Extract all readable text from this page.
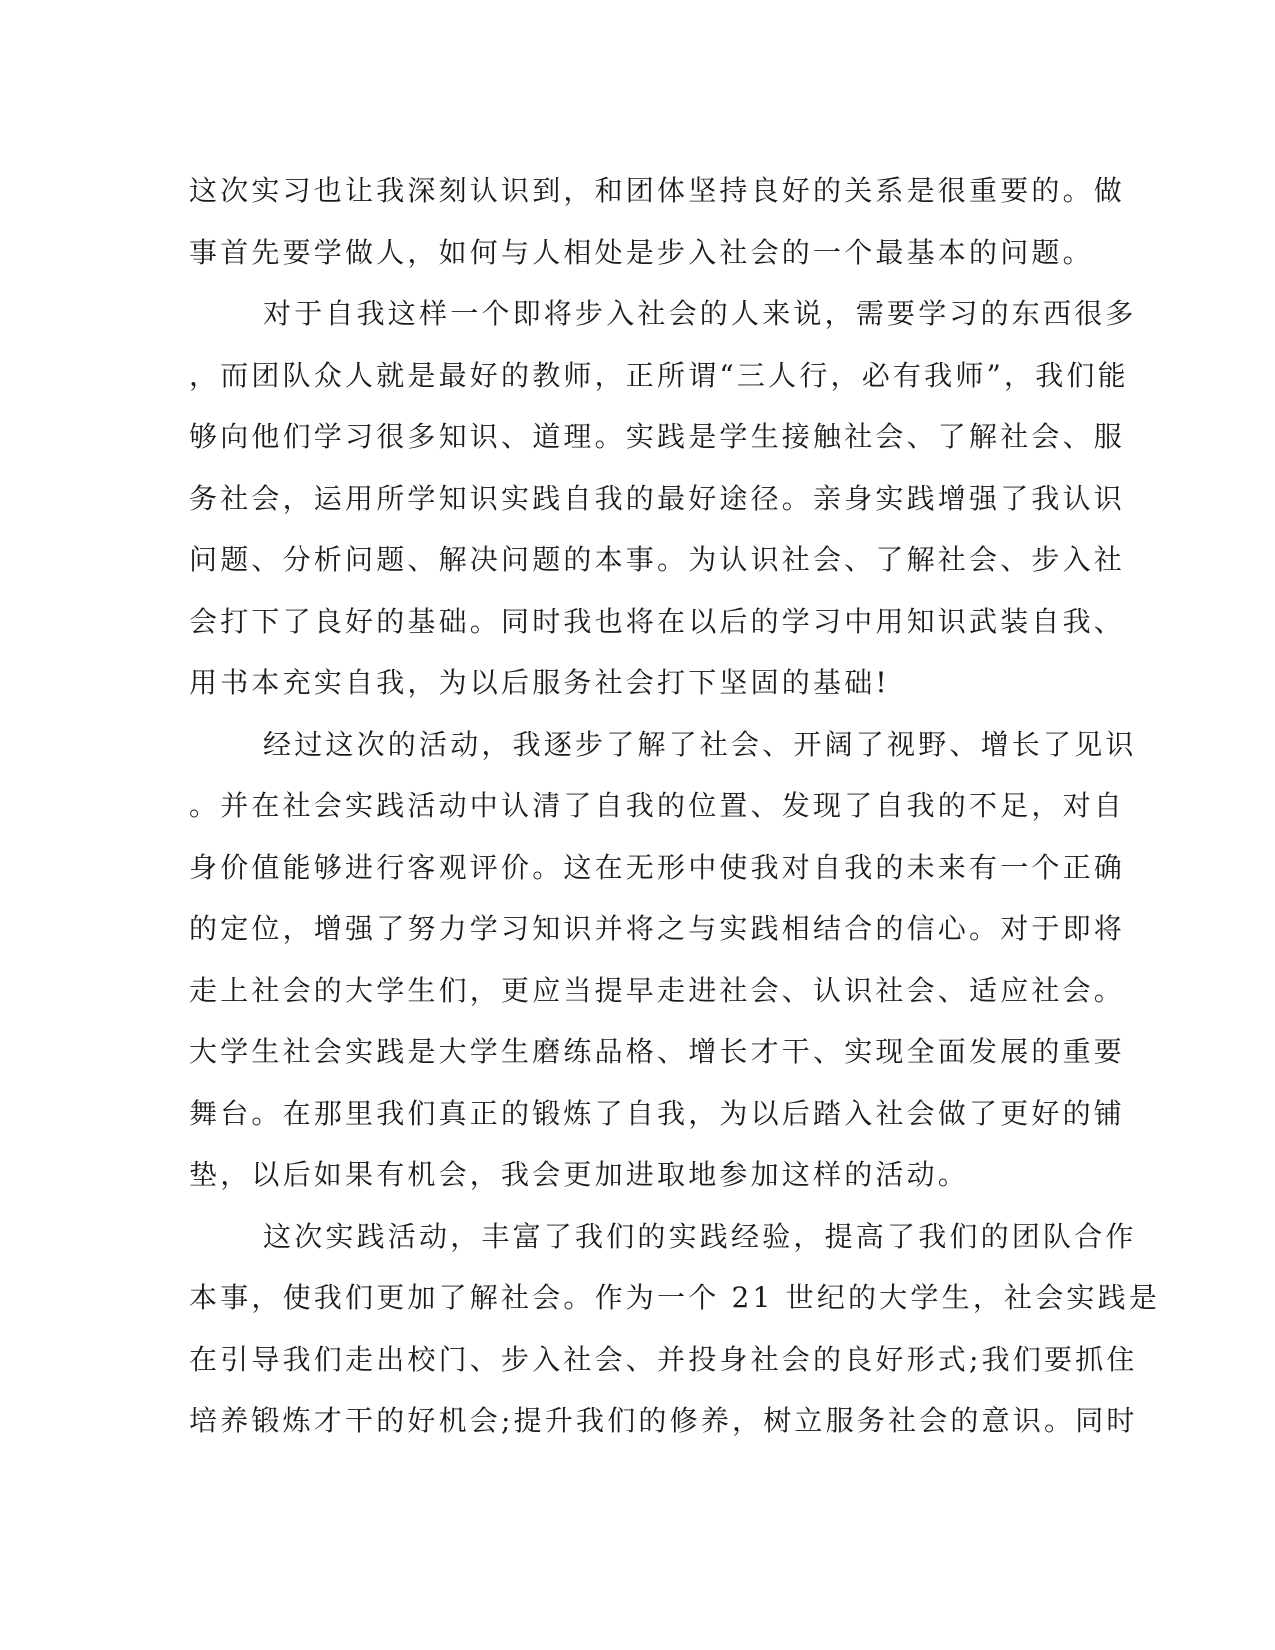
这次实习也让我深刻认识到，和团体坚持良好的关系是很重要的。做
事首先要学做人，如何与人相处是步入社会的一个最基本的问题。
对于自我这样一个即将步入社会的人来说，需要学习的东西很多
，而团队众人就是最好的教师，正所谓“三人行，必有我师”，我们能
够向他们学习很多知识、道理。实践是学生接触社会、了解社会、服
务社会，运用所学知识实践自我的最好途径。亲身实践增强了我认识
问题、分析问题、解决问题的本事。为认识社会、了解社会、步入社
会打下了良好的基础。同时我也将在以后的学习中用知识武装自我、
用书本充实自我，为以后服务社会打下坚固的基础!
经过这次的活动，我逐步了解了社会、开阔了视野、增长了见识
。并在社会实践活动中认清了自我的位置、发现了自我的不足，对自
身价值能够进行客观评价。这在无形中使我对自我的未来有一个正确
的定位，增强了努力学习知识并将之与实践相结合的信心。对于即将
走上社会的大学生们，更应当提早走进社会、认识社会、适应社会。
大学生社会实践是大学生磨练品格、增长才干、实现全面发展的重要
舞台。在那里我们真正的锻炼了自我，为以后踏入社会做了更好的铺
垫，以后如果有机会，我会更加进取地参加这样的活动。
这次实践活动，丰富了我们的实践经验，提高了我们的团队合作
本事，使我们更加了解社会。作为一个 21 世纪的大学生，社会实践是
在引导我们走出校门、步入社会、并投身社会的良好形式;我们要抓住
培养锻炼才干的好机会;提升我们的修养，树立服务社会的意识。同时
